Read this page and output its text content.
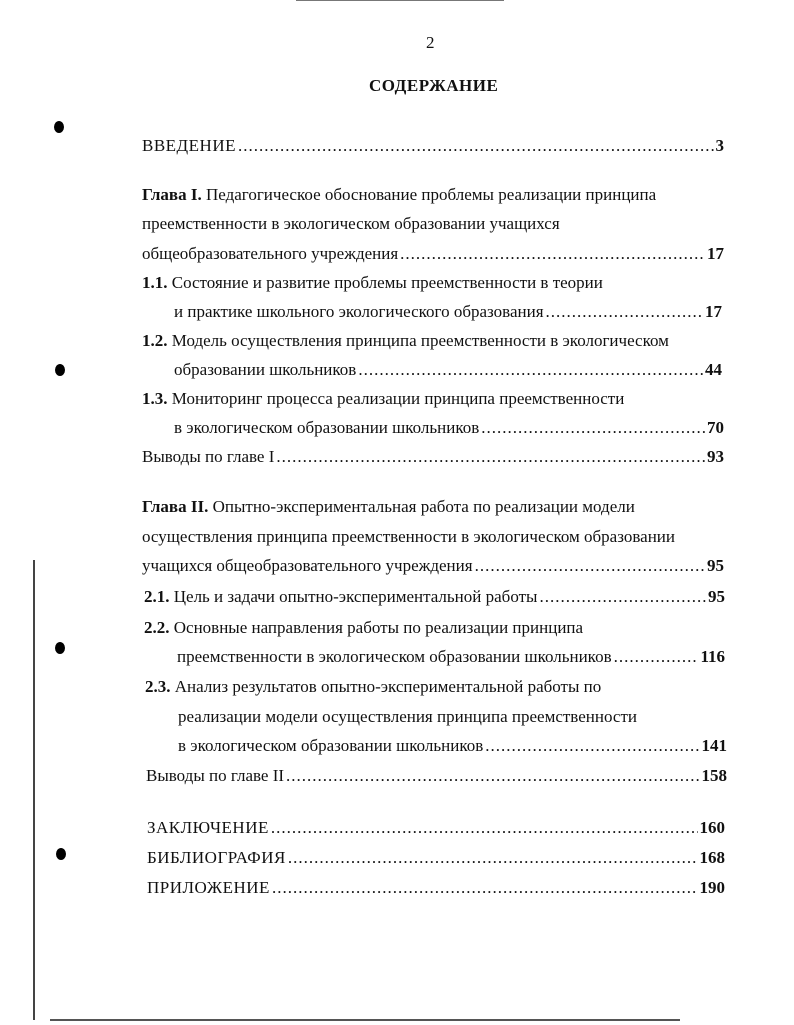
2
СОДЕРЖАНИЕ
ВВЕДЕНИЕ .....	3
Глава I. Педагогическое обоснование проблемы реализации принципа
преемственности в экологическом образовании учащихся
общеобразовательного учреждения .....	17
1.1. Состояние и развитие проблемы преемственности в теории
и практике школьного экологического образования .....	17
1.2. Модель осуществления принципа преемственности в экологическом
образовании школьников .....	44
1.3. Мониторинг процесса реализации принципа преемственности
в экологическом образовании школьников .....	70
Выводы по главе I .....	93
Глава II. Опытно-экспериментальная работа по реализации модели
осуществления принципа преемственности в экологическом образовании
учащихся общеобразовательного учреждения .....	95
2.1. Цель и задачи опытно-экспериментальной работы .....	95
2.2. Основные направления работы по реализации принципа
преемственности в экологическом образовании школьников .....	116
2.3. Анализ результатов опытно-экспериментальной работы по
реализации модели осуществления принципа преемственности
в экологическом образовании школьников .....	141
Выводы по главе II .....	158
ЗАКЛЮЧЕНИЕ .....	160
БИБЛИОГРАФИЯ .....	168
ПРИЛОЖЕНИЕ .....	190
